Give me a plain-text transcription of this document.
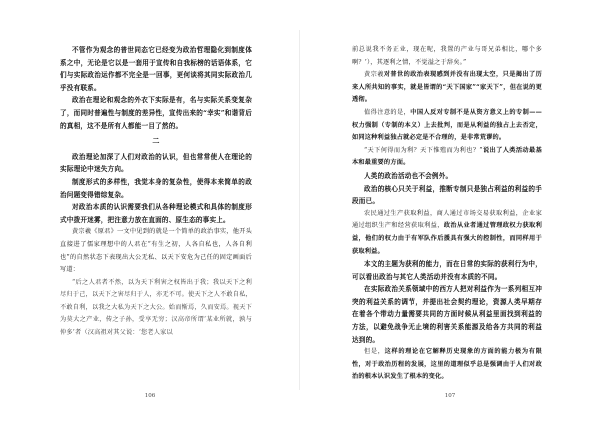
不管作为观念的普世同态它已经变为政治哲理隐化到制度体系之中，无论是它以是一套用于宣传和自我标榜的话语体系，它们与实际政治运作都不完全是一回事，更何谈将其同实际政治几乎没有联系。

政治在理论和观念的外衣下实际是有，名与实际关系变复杂了，而同时普遍性与制度的差异性，宣传出来的“幸实”和谐背后的真相，这不是所有人都能一目了然的。

二

政治理论加深了人们对政治的认识，但也常常使人在理论的实际理论中迷失方向。

制度形式的多样性，我觉本身的复杂性，使得本来简单的政治问题变得错综复杂。

对政治本质的认识需要我们从各种理论模式和具体的制度形式中拨开迷雾，把注意力放在直面的、原生态的事实上。

黄宗羲《原君》一文中见到的就是一个简单的政治事实，他开头直接进了儒家理想中的人君在“有生之初，人各自私也，人各自利也”的自然状态下表现出大公无私、以天下安危为己任的固定画面后写道：

“后之人君者不然，以为天下利害之权皆出于我；我以天下之利尽归于己，以天下之害尽归于人，亦无不可。使天下之人不敢自私，不敢自利，以我之大私为天下之大公。始而惭焉，久而安焉。视天下为莫大之产业，传之子孙，受享无穷；汉高帝所谓‘某业所就，孰与仲多’者（汉高祖对其父说：‘您老人家以

106

前总说我不务正业，现在呢，我置的产业与哥兄弟相比，哪个多啊？’），其逐利之情，不觉溢之于辞矣。”

黄宗羲对普世的政治表现感到并没有出现太空，只是揭出了历来人所共知的事实，就是皆谓的“天下国家”“家天下”，但在说的更透彻。

值得注意的是，中国人反对专制不是从资方意义上的专制——权力强制（专制的本义）上去批判，而是从利益的独占上去否定，如同这种利益独占就必定是不合理的，是非常荒谬的。

“天下何得而为利？天下惟殖而为利也？”说出了人类活动最基本和最重要的方面。

人类的政治活动也不会例外。

政治的核心只关于利益，推断专制只是独占利益的利益的手段而已。

农民通过生产获取利益，商人通过市场交易获取利益，企业家通过组织生产和经营获取利益，政治从业者通过管理政权力获取利益，他们的权力由于有军队作后援具有强大的控制性，而同样用于获取利益。

本文的主题为获利的能力，而在日常的实际的获利行为中，可以看出政治与其它人类活动并没有本质的不同。

在实际政治关系领域中的西方人把对利益作为一系列相互冲突的利益关系的调节，并提出社会契约理论，资源人类早期存在着各个带动力量需要共同的方面时候从利益里面找到利益的方法，以避免战争无止境的利害关系能源及给各方共同的利益达到的。

但是，这样的理论在它解释历史现象的方面的能力极为有限性，对于政治历程的发展，这里的道理似乎总是强调由于人们对政治的根本认识发生了根本的变化。

107
